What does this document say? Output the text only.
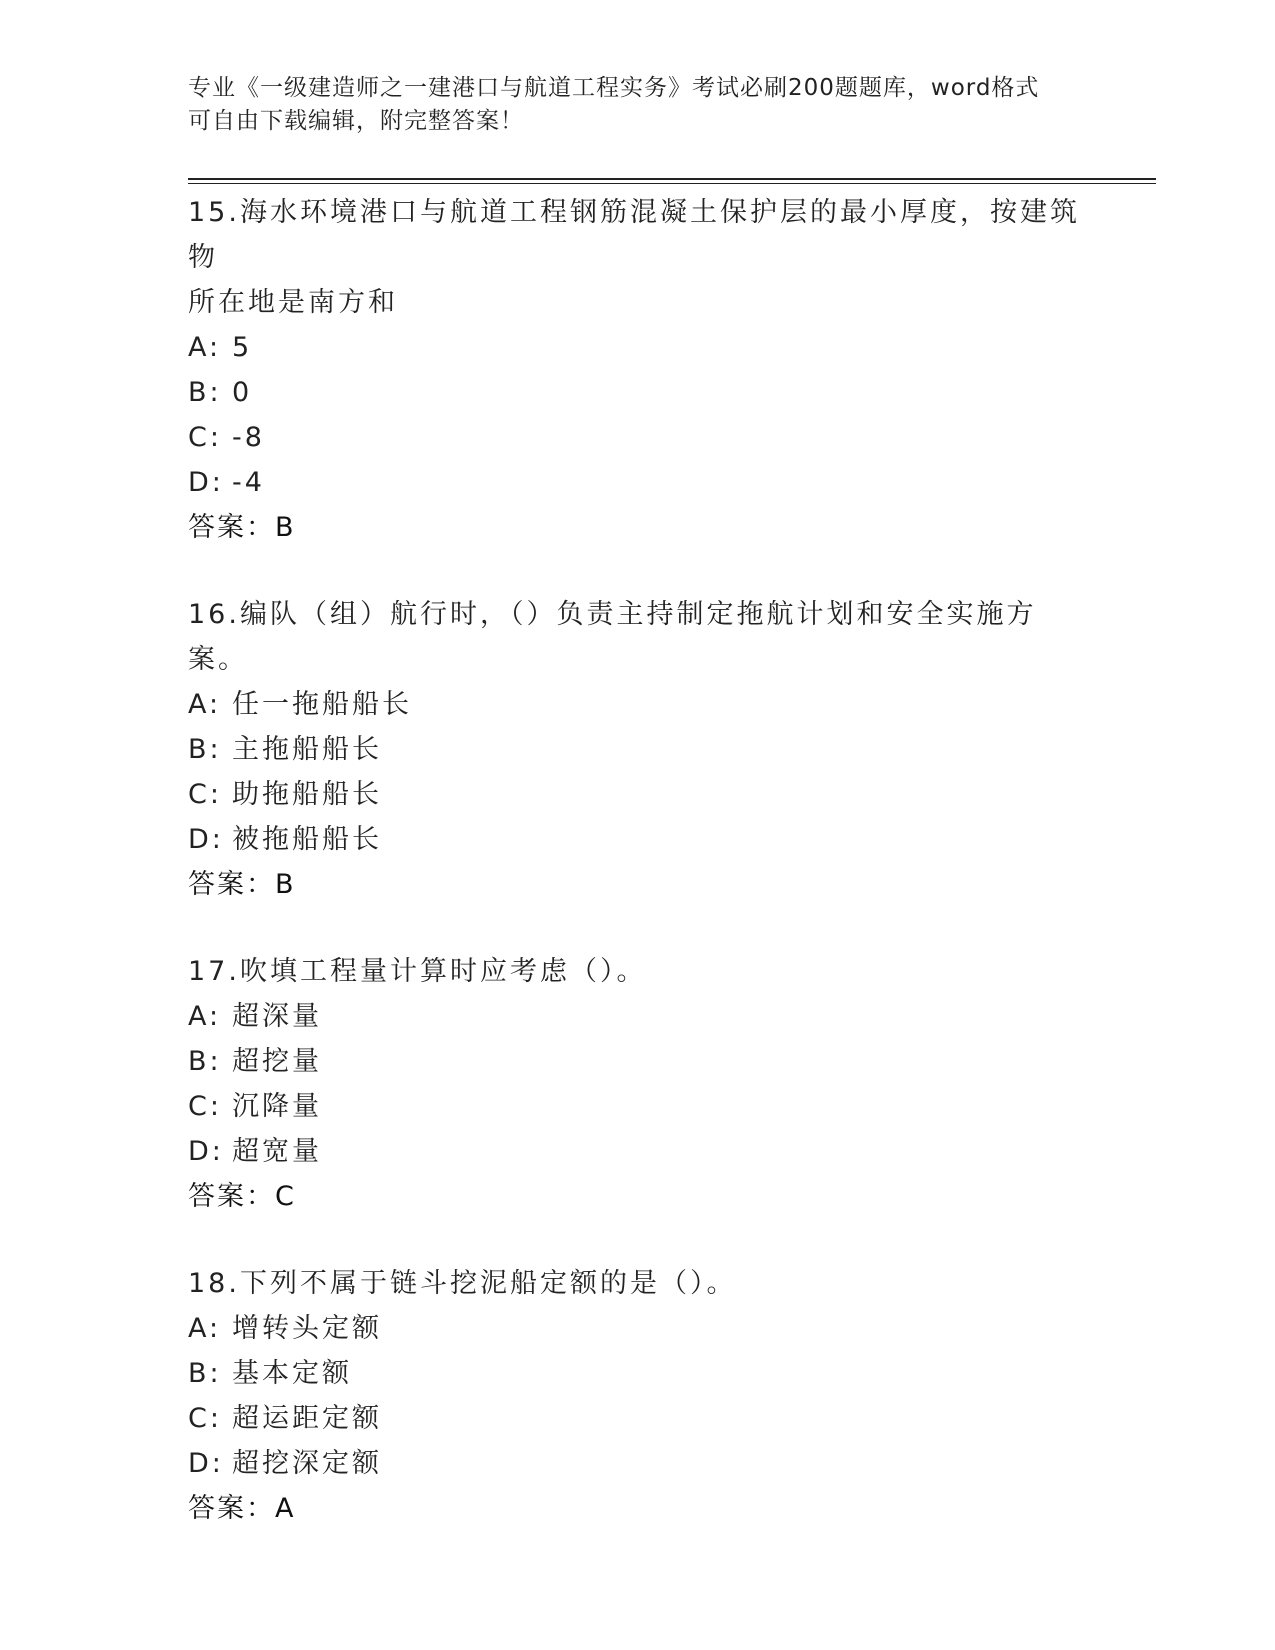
专业《一级建造师之一建港口与航道工程实务》考试必刷200题题库，word格式
可自由下载编辑，附完整答案！

15.海水环境港口与航道工程钢筋混凝土保护层的最小厚度，按建筑物

所在地是南方和

A: 5

B: 0

C: -8

D: -4

答案：B

16.编队（组）航行时，（）负责主持制定拖航计划和安全实施方案。

A: 任一拖船船长

B: 主拖船船长

C: 助拖船船长

D: 被拖船船长

答案：B

17.吹填工程量计算时应考虑（）。

A: 超深量

B: 超挖量

C: 沉降量

D: 超宽量

答案：C

18.下列不属于链斗挖泥船定额的是（）。

A: 增转头定额

B: 基本定额

C: 超运距定额

D: 超挖深定额

答案：A
